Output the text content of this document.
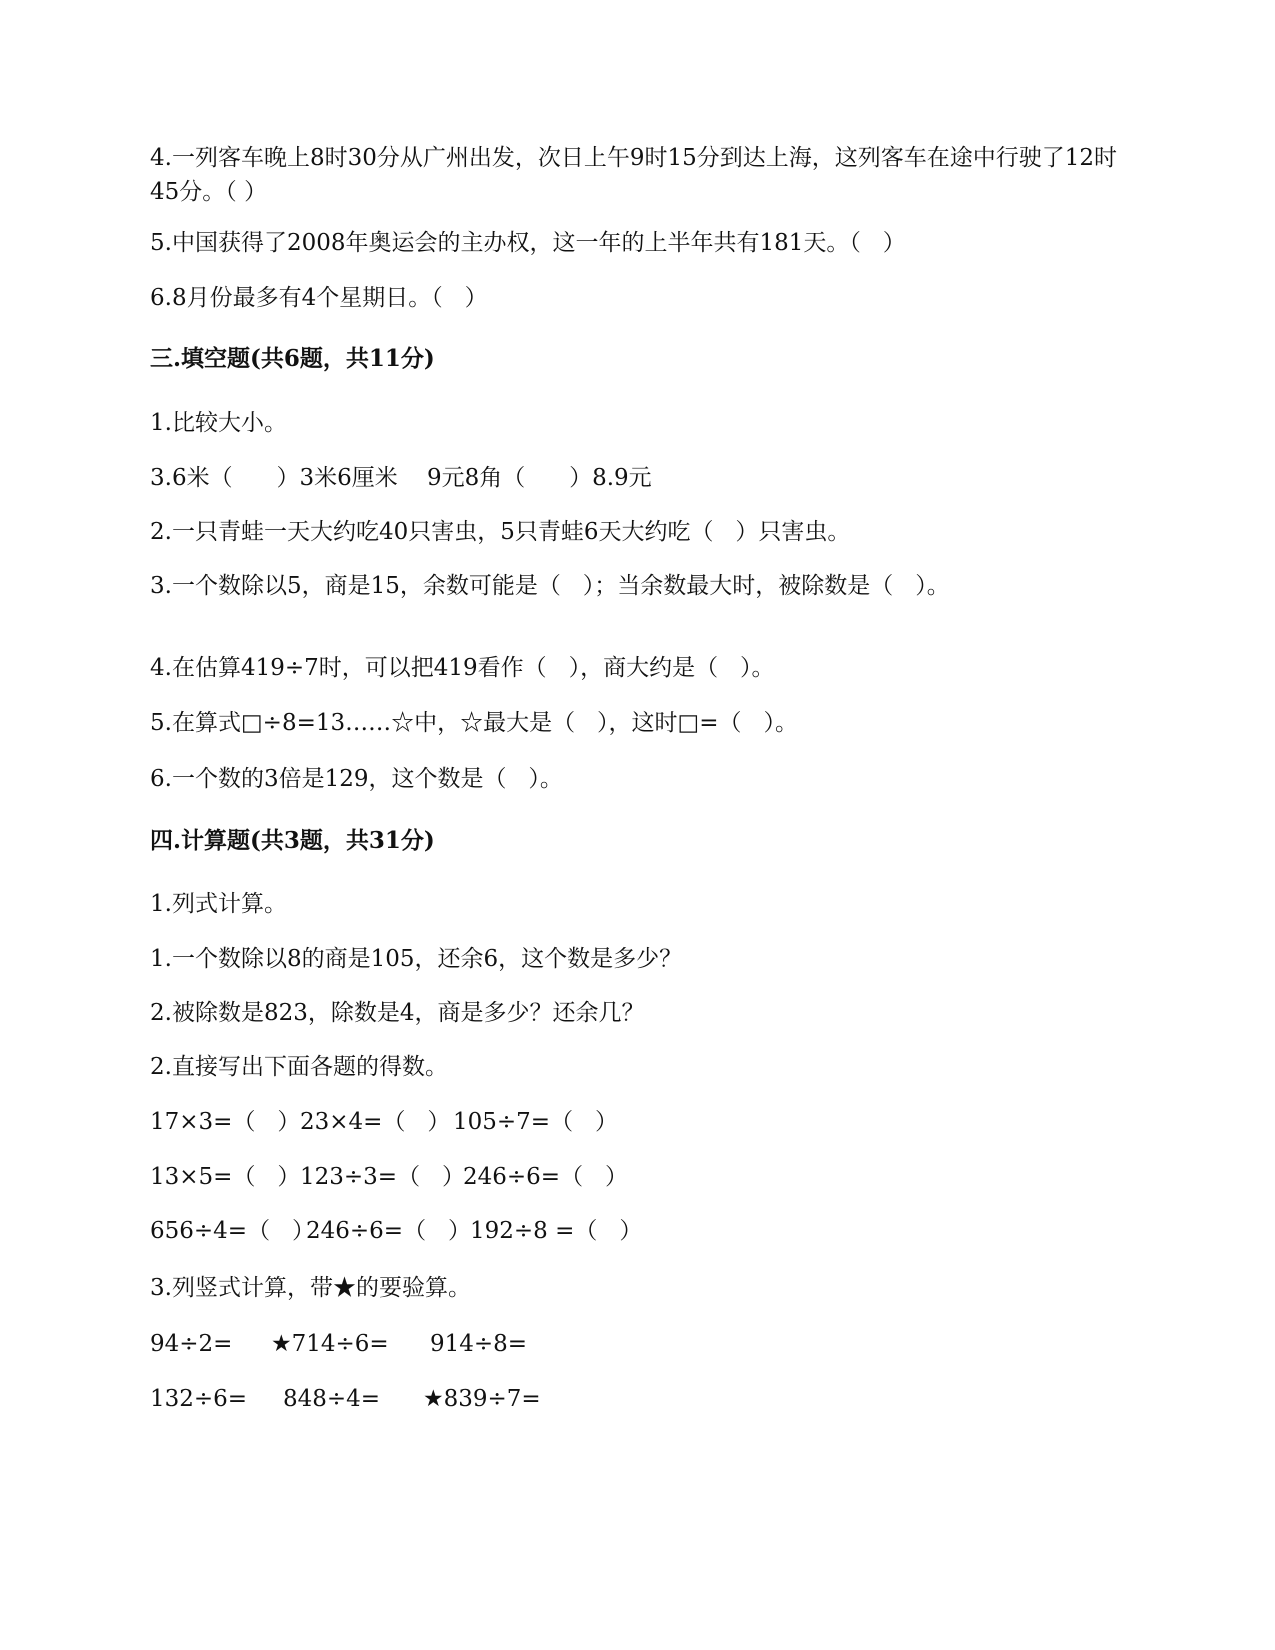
4.一列客车晚上8时30分从广州出发，次日上午9时15分到达上海，这列客车在途中行驶了12时45分。（ ）
5.中国获得了2008年奥运会的主办权，这一年的上半年共有181天。（   ）
6.8月份最多有4个星期日。（   ）
三.填空题(共6题，共11分)
1.比较大小。
3.6米（      ）3米6厘米    9元8角（      ）8.9元
2.一只青蛙一天大约吃40只害虫，5只青蛙6天大约吃（   ）只害虫。
3.一个数除以5，商是15，余数可能是（   ）；当余数最大时，被除数是（   ）。
4.在估算419÷7时，可以把419看作（   ），商大约是（   ）。
5.在算式□÷8=13……☆中，☆最大是（   ），这时□=（   ）。
6.一个数的3倍是129，这个数是（   ）。
四.计算题(共3题，共31分)
1.列式计算。
1.一个数除以8的商是105，还余6，这个数是多少？
2.被除数是823，除数是4，商是多少？还余几？
2.直接写出下面各题的得数。
17×3=（   ） 23×4=（   ） 105÷7=（   ）
13×5=（   ） 123÷3=（   ）
246÷6=（   ）
656÷4=（   ）
246÷6=（   ）
192÷8 =（   ）
3.列竖式计算，带★的要验算。
94÷2= ★714÷6= 914÷8=
132÷6= 848÷4= ★839÷7=
